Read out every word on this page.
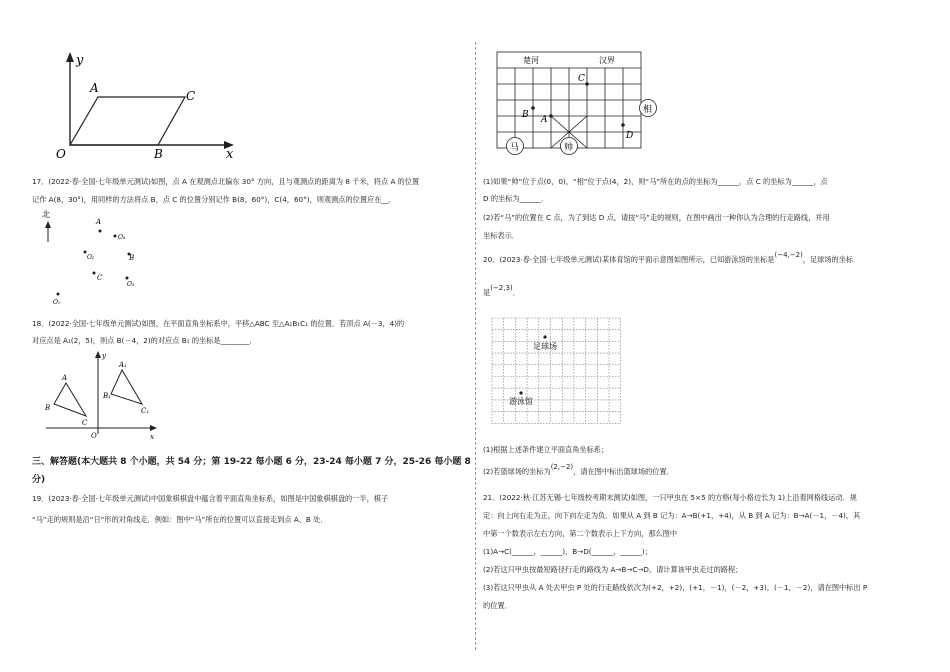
y
A
C
O	B	x
17．(2022·春·全国·七年级单元测试)如图，点 A 在观测点北偏东 30° 方向，且与观测点的距离为 8 千米，将点 A 的位置
记作 A(8，30°)，用同样的方法将点 B，点 C 的位置分别记作 B(8，60°)，C(4，60°)，则观测点的位置应在__．
北
A
O₄
O₂	B
C
O₃
O₁
18．(2022·全国·七年级单元测试)如图，在平面直角坐标系中，平移△ABC 至△A₁B₁C₁ 的位置．若顶点 A(－3，4)的
对应点是 A₁(2，5)，则点 B(－4，2)的对应点 B₁ 的坐标是________．
y
A
A₁
B
B₁
C₁
C
O	x
三、解答题(本大题共 8 个小题，共 54 分；第 19-22 每小题 6 分，23-24 每小题 7 分，25-26 每小题 8
分)
19．(2023·春·全国·七年级单元测试)中国象棋棋盘中蕴含着平面直角坐标系，如图是中国象棋棋盘的一半，棋子
“马”走的规则是沿“日”形的对角线走．例如：图中“马”所在的位置可以直接走到点 A、B 处．
楚河	汉界
C
B A
D
相
马	帅
(1)如果“帅”位于点(0，0)，“相”位于点(4，2)，则“马”所在的点的坐标为______，点 C 的坐标为______，点
D 的坐标为______．
(2)若“马”的位置在 C 点，为了到达 D 点，请按“马”走的规则，在图中画出一种你认为合理的行走路线，并用
坐标表示．
20．(2023·春·全国·七年级单元测试)某体育馆的平面示意图如图所示，已知游泳馆的坐标是(−4,−2)，足球场的坐标
是(−2,3)．
足球场
游泳馆
(1)根据上述条件建立平面直角坐标系；
(2)若篮球场的坐标为(2,−2)，请在图中标出篮球场的位置．
21．(2022·秋·江苏无锡·七年级校考期末测试)如图，一只甲虫在 5×5 的方格(每小格边长为 1)上沿着网格线运动．规
定：向上向右走为正，向下向左走为负．如果从 A 到 B 记为：A→B(+1，+4)，从 B 到 A 记为：B→A(－1，－4)，其
中第一个数表示左右方向，第二个数表示上下方向，那么图中
(1)A→C(______，______)，B→D(______，______)；
(2)若这只甲虫按最短路径行走的路线为 A→B→C→D，请计算该甲虫走过的路程；
(3)若这只甲虫从 A 处去甲虫 P 处的行走路线依次为(+2，+2)，(+1，－1)，(－2，+3)，(－1，－2)，请在图中标出 P
的位置．
